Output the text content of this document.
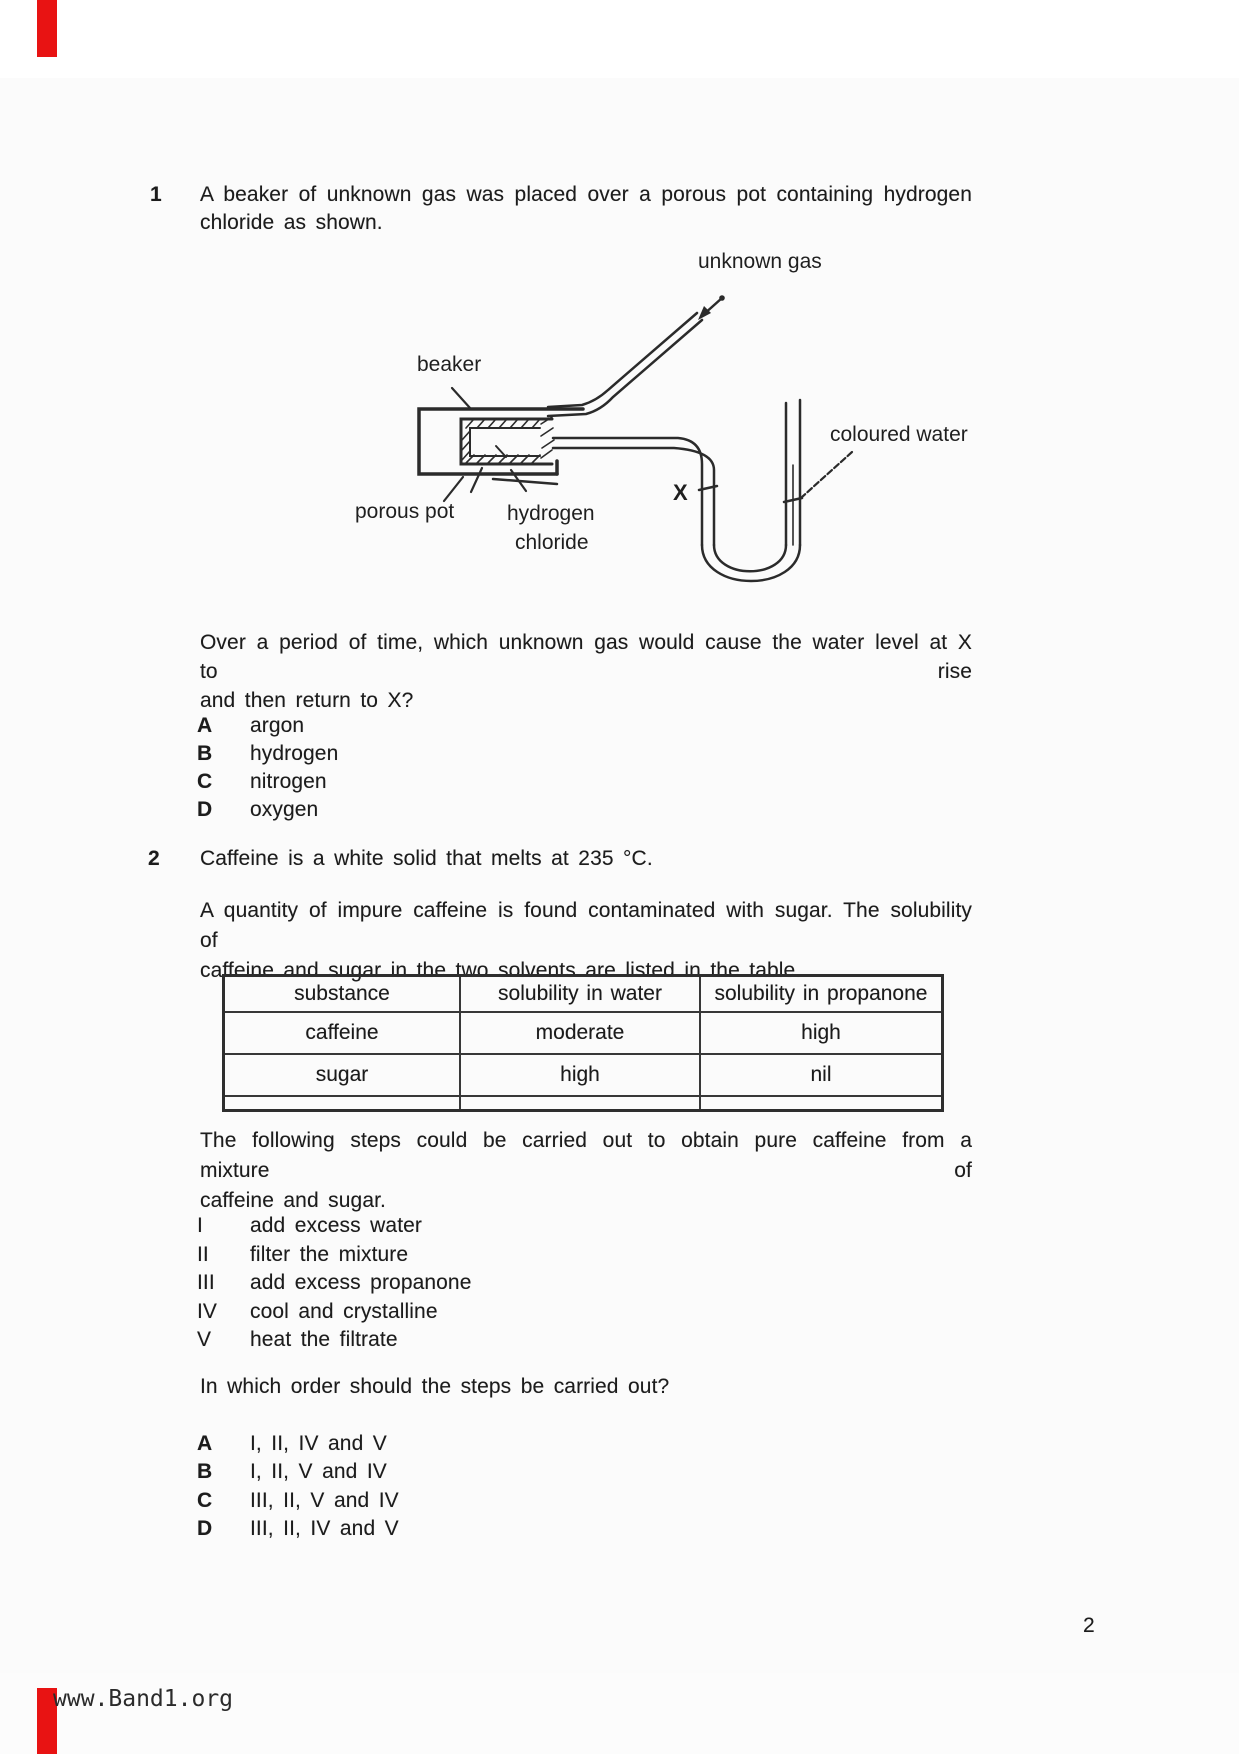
1 A beaker of unknown gas was placed over a porous pot containing hydrogen
chloride as shown.
unknown gas
beaker
porous pot	hydrogen
chloride
X
coloured water
Over a period of time, which unknown gas would cause the water level at X to rise
and then return to X?
A argon
B hydrogen
C nitrogen
D oxygen
2 Caffeine is a white solid that melts at 235 °C.
A quantity of impure caffeine is found contaminated with sugar. The solubility of
caffeine and sugar in the two solvents are listed in the table.
substance	solubility in water	solubility in propanone
caffeine	moderate	high
sugar	high	nil
The following steps could be carried out to obtain pure caffeine from a mixture of
caffeine and sugar.
I add excess water
II filter the mixture
III add excess propanone
IV cool and crystalline
V heat the filtrate
In which order should the steps be carried out?
A I, II, IV and V
B I, II, V and IV
C III, II, V and IV
D III, II, IV and V
2
www.Band1.org
